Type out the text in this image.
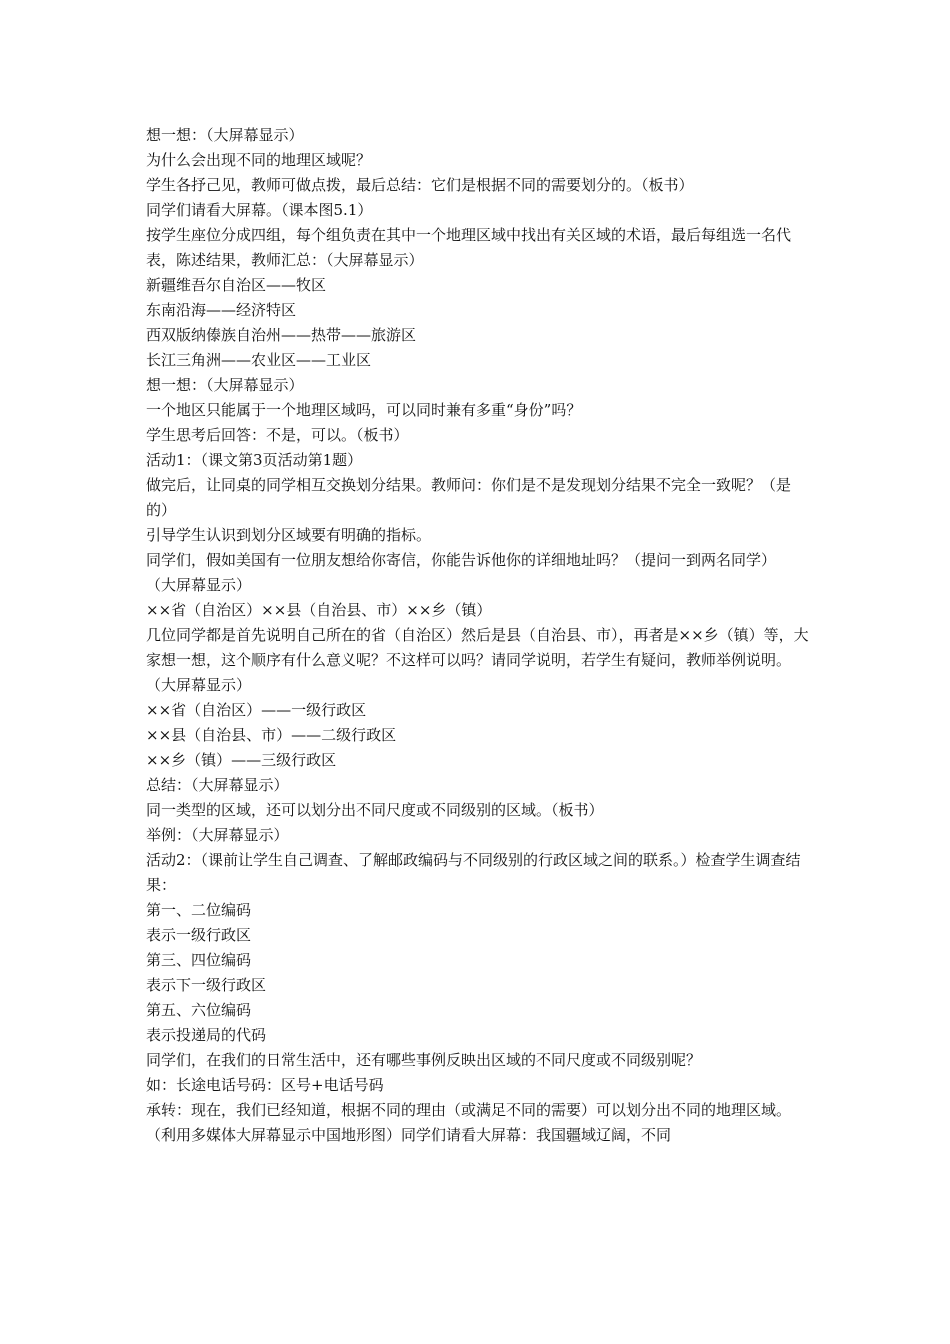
想一想：（大屏幕显示）

为什么会出现不同的地理区域呢？

学生各抒己见，教师可做点拨，最后总结：它们是根据不同的需要划分的。（板书）

同学们请看大屏幕。（课本图5.1）

按学生座位分成四组，每个组负责在其中一个地理区域中找出有关区域的术语，最后每组选一名代表，陈述结果，教师汇总：（大屏幕显示）

新疆维吾尔自治区——牧区

东南沿海——经济特区

西双版纳傣族自治州——热带——旅游区

长江三角洲——农业区——工业区

想一想：（大屏幕显示）

一个地区只能属于一个地理区域吗，可以同时兼有多重“身份”吗？

学生思考后回答：不是，可以。（板书）

活动1：（课文第3页活动第1题）

做完后，让同桌的同学相互交换划分结果。教师问：你们是不是发现划分结果不完全一致呢？（是的）

引导学生认识到划分区域要有明确的指标。

同学们，假如美国有一位朋友想给你寄信，你能告诉他你的详细地址吗？（提问一到两名同学）

（大屏幕显示）

××省（自治区）××县（自治县、市）××乡（镇）

几位同学都是首先说明自己所在的省（自治区）然后是县（自治县、市），再者是××乡（镇）等，大家想一想，这个顺序有什么意义呢？不这样可以吗？请同学说明，若学生有疑问，教师举例说明。

（大屏幕显示）

××省（自治区）——一级行政区

××县（自治县、市）——二级行政区

××乡（镇）——三级行政区

总结：（大屏幕显示）

同一类型的区域，还可以划分出不同尺度或不同级别的区域。（板书）

举例：（大屏幕显示）

活动2：（课前让学生自己调查、了解邮政编码与不同级别的行政区域之间的联系。）检查学生调查结果：

第一、二位编码

表示一级行政区

第三、四位编码

表示下一级行政区

第五、六位编码

表示投递局的代码

同学们，在我们的日常生活中，还有哪些事例反映出区域的不同尺度或不同级别呢？

如：长途电话号码：区号+电话号码

承转：现在，我们已经知道，根据不同的理由（或满足不同的需要）可以划分出不同的地理区域。（利用多媒体大屏幕显示中国地形图）同学们请看大屏幕：我国疆域辽阔，不同
